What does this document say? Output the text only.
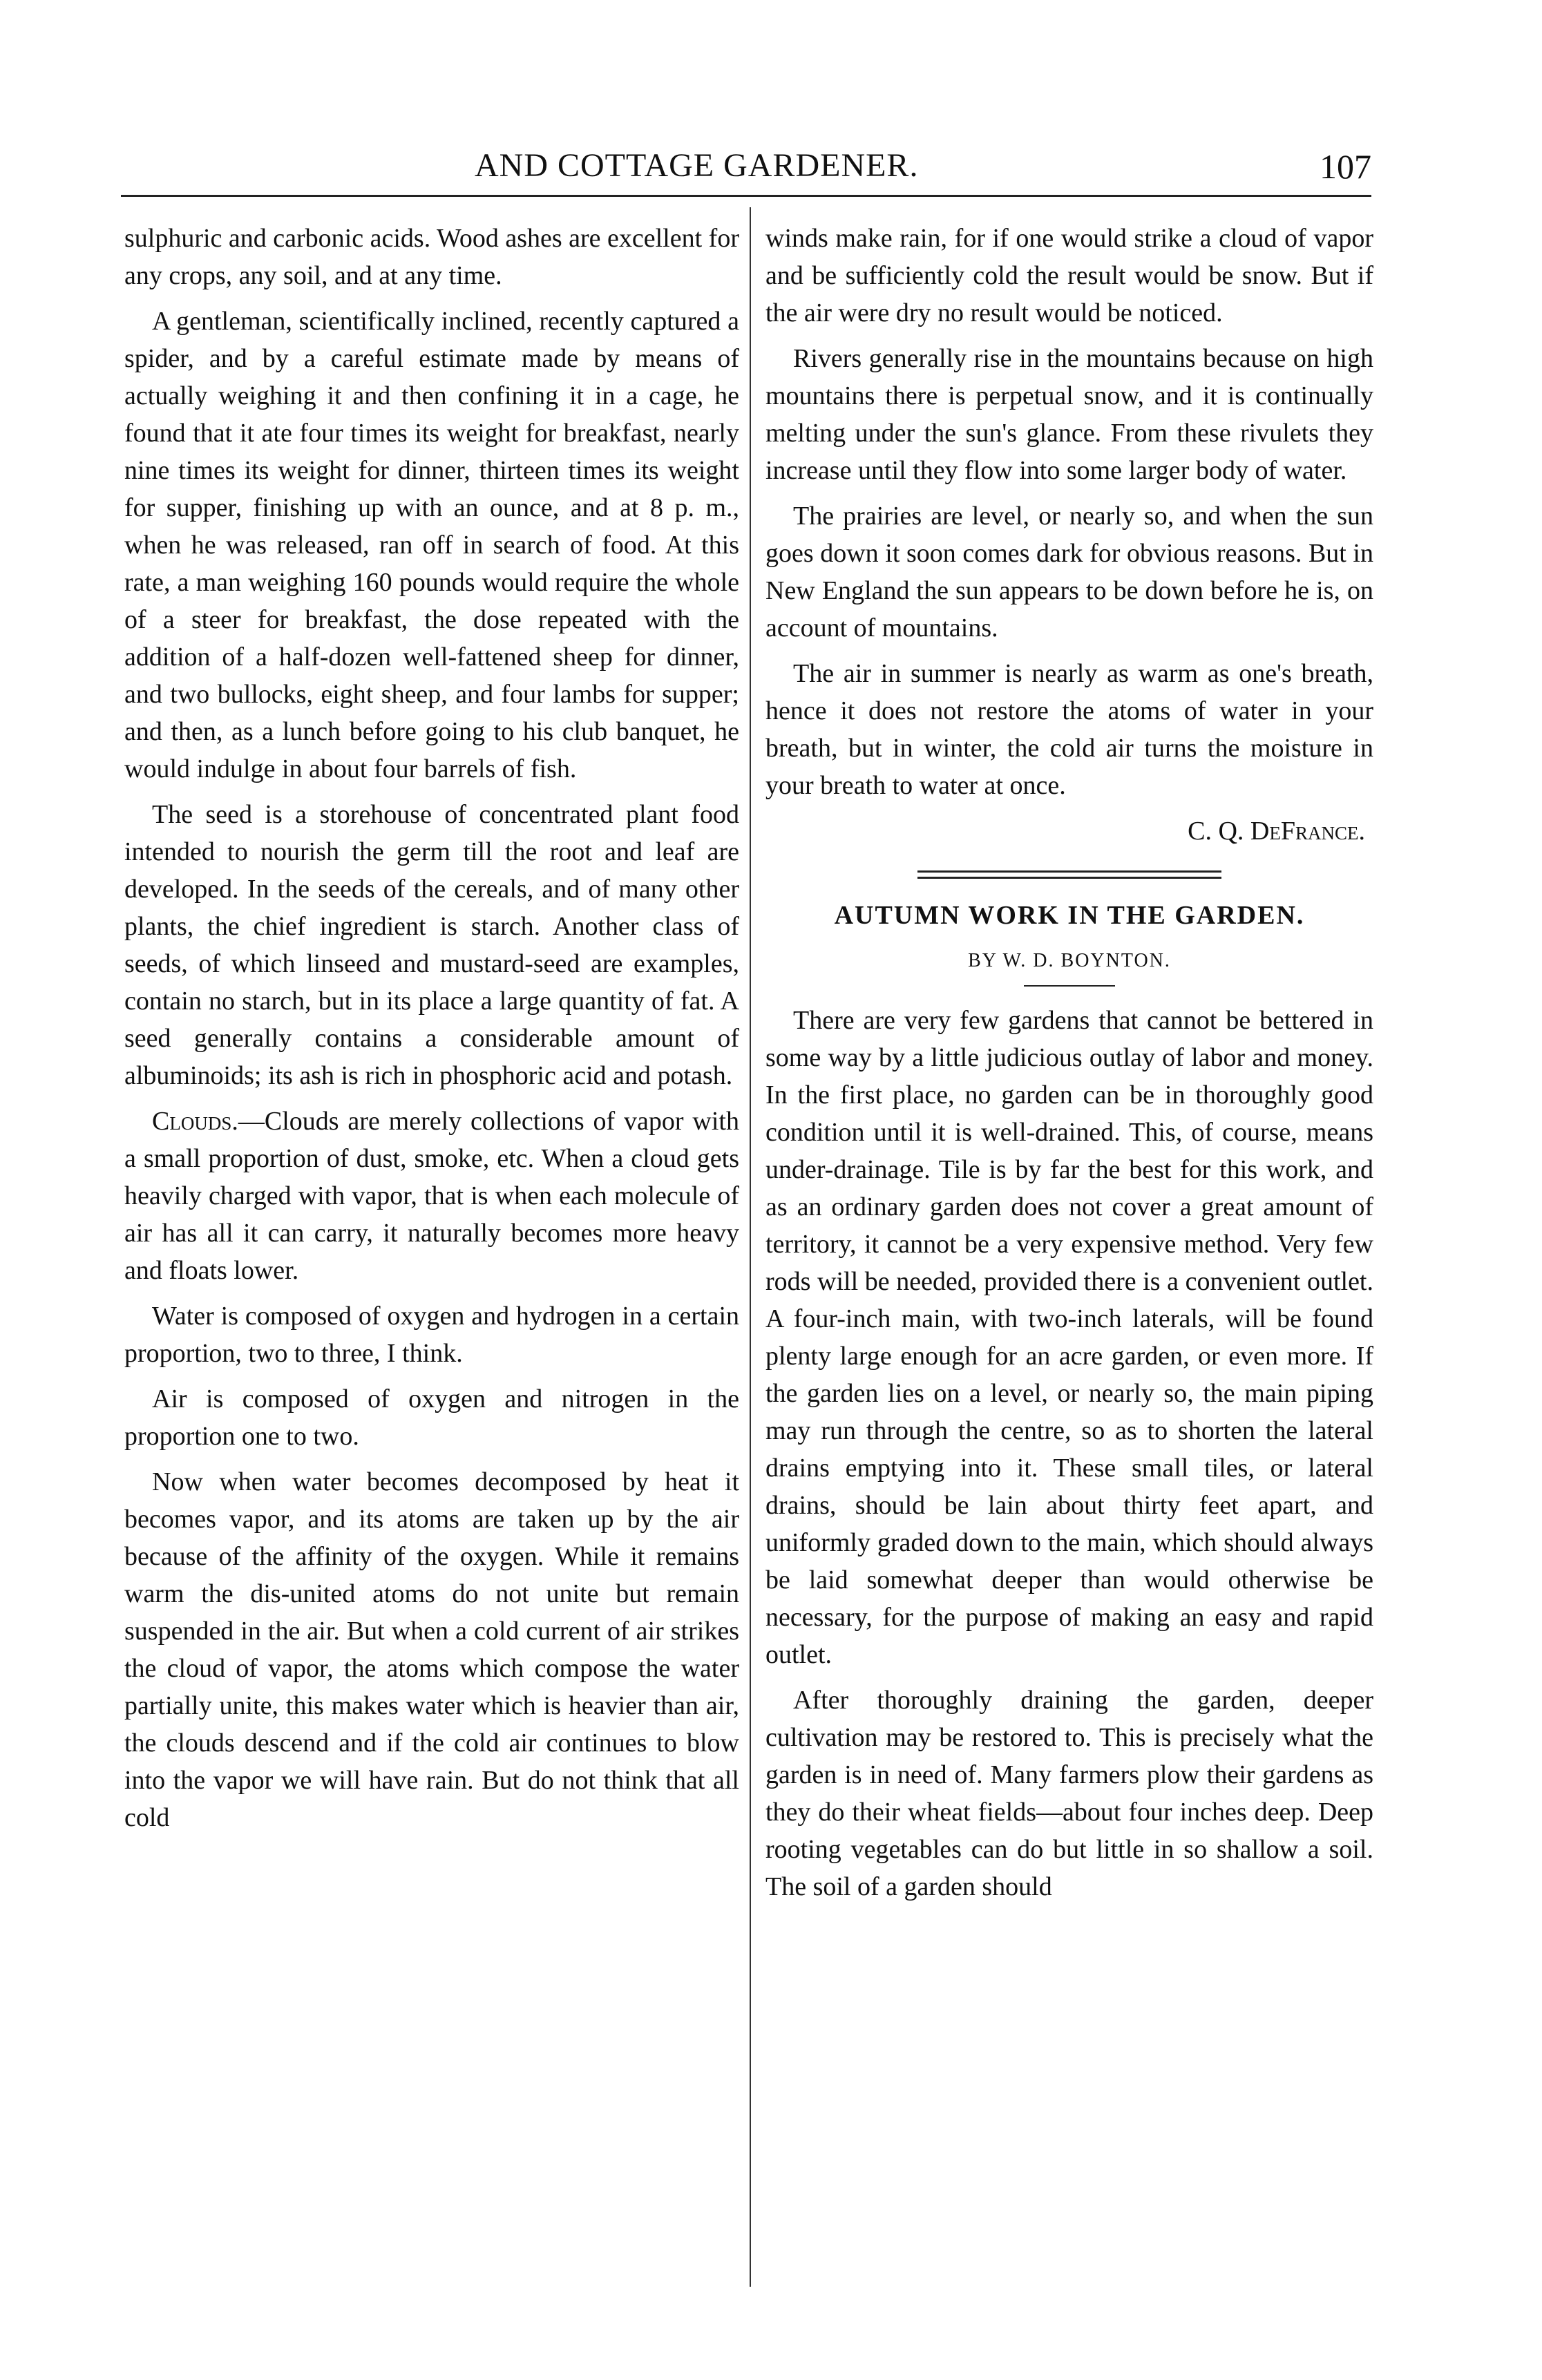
AND COTTAGE GARDENER.	107

sulphuric and carbonic acids. Wood ashes are excellent for any crops, any soil, and at any time.

A gentleman, scientifically inclined, recently captured a spider, and by a careful estimate made by means of actually weighing it and then confining it in a cage, he found that it ate four times its weight for breakfast, nearly nine times its weight for dinner, thirteen times its weight for supper, finishing up with an ounce, and at 8 p. m., when he was released, ran off in search of food. At this rate, a man weighing 160 pounds would require the whole of a steer for breakfast, the dose repeated with the addition of a half-dozen well-fattened sheep for dinner, and two bullocks, eight sheep, and four lambs for supper; and then, as a lunch before going to his club banquet, he would indulge in about four barrels of fish.

The seed is a storehouse of concentrated plant food intended to nourish the germ till the root and leaf are developed. In the seeds of the cereals, and of many other plants, the chief ingredient is starch. Another class of seeds, of which linseed and mustard-seed are examples, contain no starch, but in its place a large quantity of fat. A seed generally contains a considerable amount of albuminoids; its ash is rich in phosphoric acid and potash.

Clouds.—Clouds are merely collections of vapor with a small proportion of dust, smoke, etc. When a cloud gets heavily charged with vapor, that is when each molecule of air has all it can carry, it naturally becomes more heavy and floats lower.

Water is composed of oxygen and hydrogen in a certain proportion, two to three, I think.

Air is composed of oxygen and nitrogen in the proportion one to two.

Now when water becomes decomposed by heat it becomes vapor, and its atoms are taken up by the air because of the affinity of the oxygen. While it remains warm the dis-united atoms do not unite but remain suspended in the air. But when a cold current of air strikes the cloud of vapor, the atoms which compose the water partially unite, this makes water which is heavier than air, the clouds descend and if the cold air continues to blow into the vapor we will have rain. But do not think that all cold

winds make rain, for if one would strike a cloud of vapor and be sufficiently cold the result would be snow. But if the air were dry no result would be noticed.

Rivers generally rise in the mountains because on high mountains there is perpetual snow, and it is continually melting under the sun's glance. From these rivulets they increase until they flow into some larger body of water.

The prairies are level, or nearly so, and when the sun goes down it soon comes dark for obvious reasons. But in New England the sun appears to be down before he is, on account of mountains.

The air in summer is nearly as warm as one's breath, hence it does not restore the atoms of water in your breath, but in winter, the cold air turns the moisture in your breath to water at once.

C. Q. DeFrance.
AUTUMN WORK IN THE GARDEN.
BY W. D. BOYNTON.

There are very few gardens that cannot be bettered in some way by a little judicious outlay of labor and money. In the first place, no garden can be in thoroughly good condition until it is well-drained. This, of course, means under-drainage. Tile is by far the best for this work, and as an ordinary garden does not cover a great amount of territory, it cannot be a very expensive method. Very few rods will be needed, provided there is a convenient outlet. A four-inch main, with two-inch laterals, will be found plenty large enough for an acre garden, or even more. If the garden lies on a level, or nearly so, the main piping may run through the centre, so as to shorten the lateral drains emptying into it. These small tiles, or lateral drains, should be lain about thirty feet apart, and uniformly graded down to the main, which should always be laid somewhat deeper than would otherwise be necessary, for the purpose of making an easy and rapid outlet.

After thoroughly draining the garden, deeper cultivation may be restored to. This is precisely what the garden is in need of. Many farmers plow their gardens as they do their wheat fields—about four inches deep. Deep rooting vegetables can do but little in so shallow a soil. The soil of a garden should
